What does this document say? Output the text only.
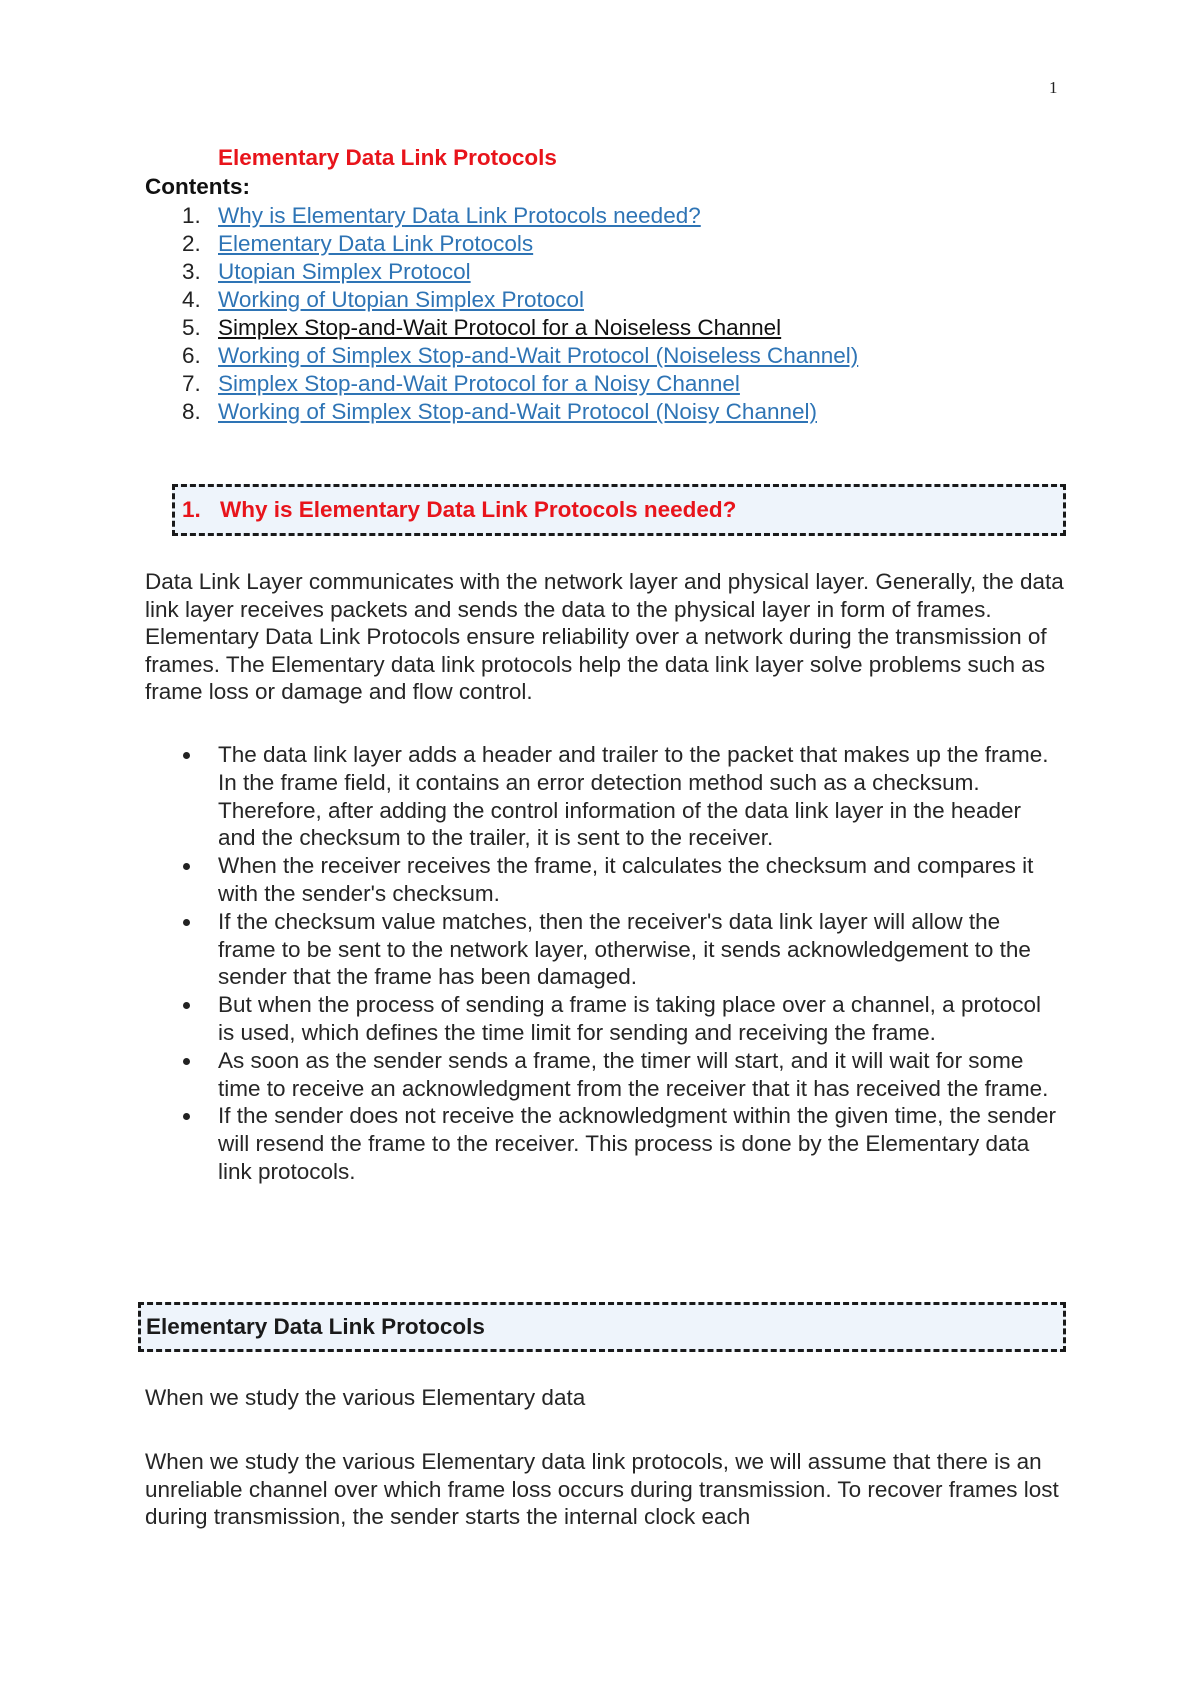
1
Elementary Data Link Protocols
Contents:
1. Why is Elementary Data Link Protocols needed?
2. Elementary Data Link Protocols
3. Utopian Simplex Protocol
4. Working of Utopian Simplex Protocol
5. Simplex Stop-and-Wait Protocol for a Noiseless Channel
6. Working of Simplex Stop-and-Wait Protocol (Noiseless Channel)
7. Simplex Stop-and-Wait Protocol for a Noisy Channel
8. Working of Simplex Stop-and-Wait Protocol (Noisy Channel)
1. Why is Elementary Data Link Protocols needed?

Data Link Layer communicates with the network layer and physical layer. Generally, the data link layer receives packets and sends the data to the physical layer in form of frames. Elementary Data Link Protocols ensure reliability over a network during the transmission of frames. The Elementary data link protocols help the data link layer solve problems such as frame loss or damage and flow control.

The data link layer adds a header and trailer to the packet that makes up the frame. In the frame field, it contains an error detection method such as a checksum. Therefore, after adding the control information of the data link layer in the header and the checksum to the trailer, it is sent to the receiver.
When the receiver receives the frame, it calculates the checksum and compares it with the sender's checksum.
If the checksum value matches, then the receiver's data link layer will allow the frame to be sent to the network layer, otherwise, it sends acknowledgement to the sender that the frame has been damaged.
But when the process of sending a frame is taking place over a channel, a protocol is used, which defines the time limit for sending and receiving the frame.
As soon as the sender sends a frame, the timer will start, and it will wait for some time to receive an acknowledgment from the receiver that it has received the frame.
If the sender does not receive the acknowledgment within the given time, the sender will resend the frame to the receiver. This process is done by the Elementary data link protocols.
Elementary Data Link Protocols

When we study the various Elementary data

When we study the various Elementary data link protocols, we will assume that there is an unreliable channel over which frame loss occurs during transmission. To recover frames lost during transmission, the sender starts the internal clock each
